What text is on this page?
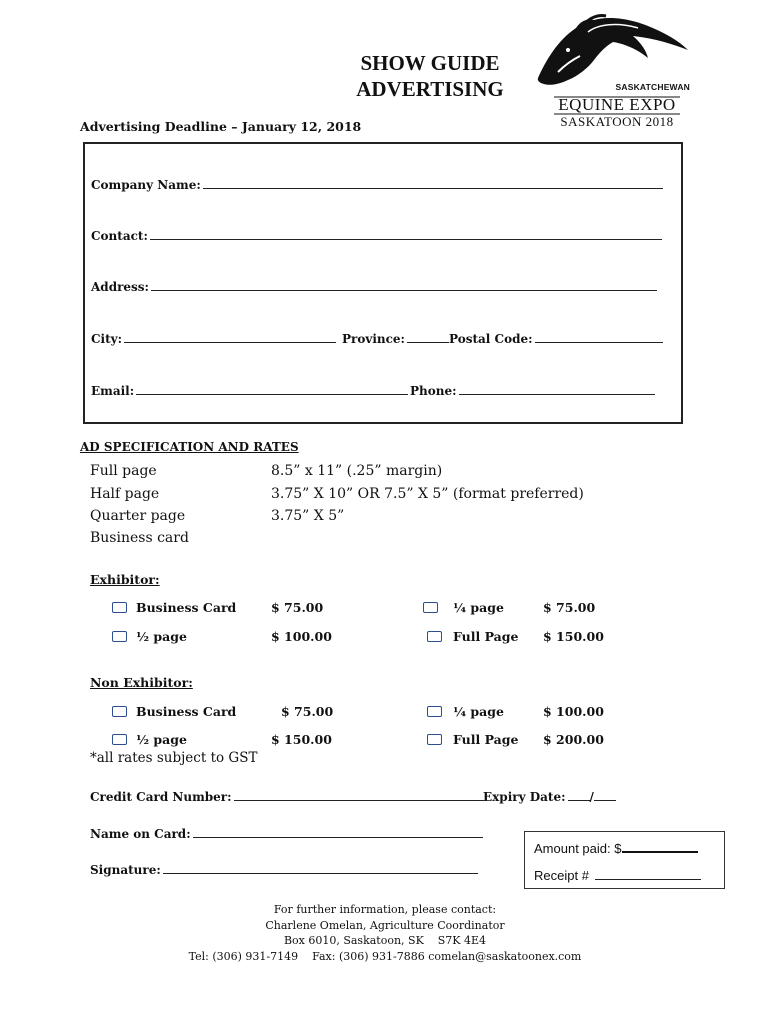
SHOW GUIDE
ADVERTISING	SASKATCHEWAN
EQUINE EXPO
SASKATOON 2018
Advertising Deadline – January 12, 2018
Company Name:
Contact:
Address:
City:	Province:	Postal Code:
Email:	Phone:
AD SPECIFICATION AND RATES
Full page	8.5” x 11” (.25” margin)
Half page	3.75” X 10” OR 7.5” X 5” (format preferred)
Quarter page	3.75” X 5”
Business card
Exhibitor:
Business Card	$ 75.00	¼ page	$ 75.00
½ page	$ 100.00	Full Page $ 150.00
Non Exhibitor:
Business Card	$ 75.00	¼ page	$ 100.00
½ page	$ 150.00	Full Page $ 200.00
*all rates subject to GST
Credit Card Number:	Expiry Date: /
Name on Card:
Signature:
Amount paid: $
Receipt #
For further information, please contact:
Charlene Omelan, Agriculture Coordinator
Box 6010, Saskatoon, SK    S7K 4E4
Tel: (306) 931-7149    Fax: (306) 931-7886 comelan@saskatoonex.com
